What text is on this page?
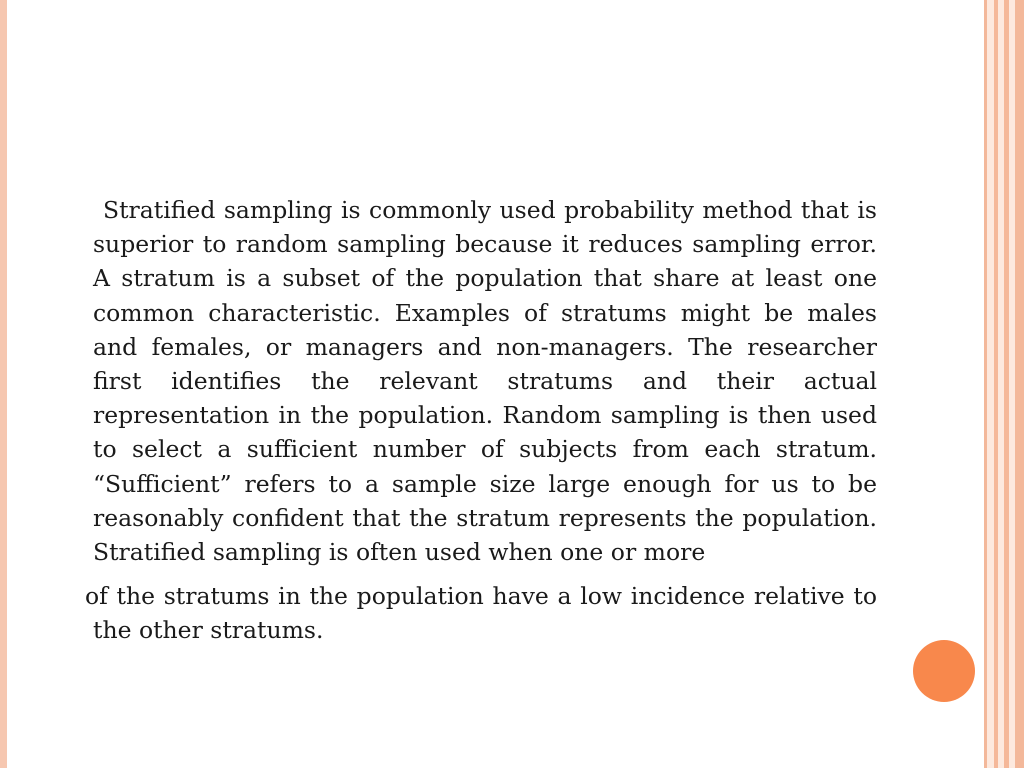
Stratified sampling is commonly used probability method that is superior to random sampling because it reduces sampling error. A stratum is a subset of the population that share at least one common characteristic. Examples of stratums might be males and females, or managers and non-managers. The researcher first identifies the relevant stratums and their actual representation in the population. Random sampling is then used to select a sufficient number of subjects from each stratum. “Sufficient” refers to a sample size large enough for us to be reasonably confident that the stratum represents the population. Stratified sampling is often used when one or more

of the stratums in the population have a low incidence relative to the other stratums.
